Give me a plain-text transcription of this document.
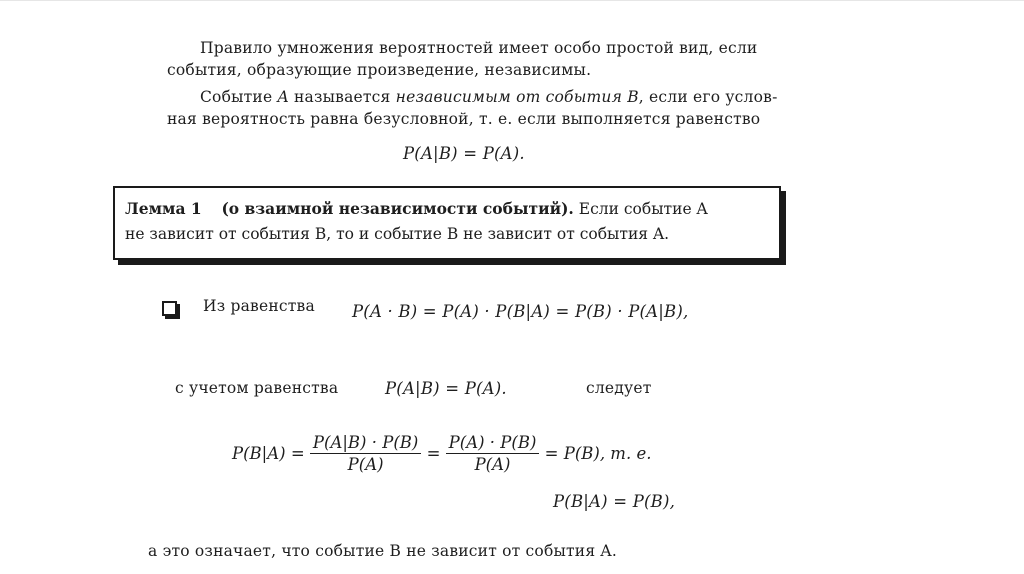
Правило умножения вероятностей имеет особо простой вид, если
события, образующие произведение, независимы.
Событие A называется независимым от события B, если его услов-
ная вероятность равна безусловной, т. е. если выполняется равенство
P(A|B) = P(A).
Лемма 1 (о взаимной независимости событий). Если событие A
не зависит от события B, то и событие B не зависит от события A.
Из равенства P(A · B) = P(A) · P(B|A) = P(B) · P(A|B),
с учетом равенства	P(A|B) = P(A).	следует
$P(B|A) = \frac{P(A|B) \cdot P(B)}{P(A)} = \frac{P(A) \cdot P(B)}{P(A)} = P(B)$, т. е.
P(B|A) = P(B),
а это означает, что событие B не зависит от события A.
